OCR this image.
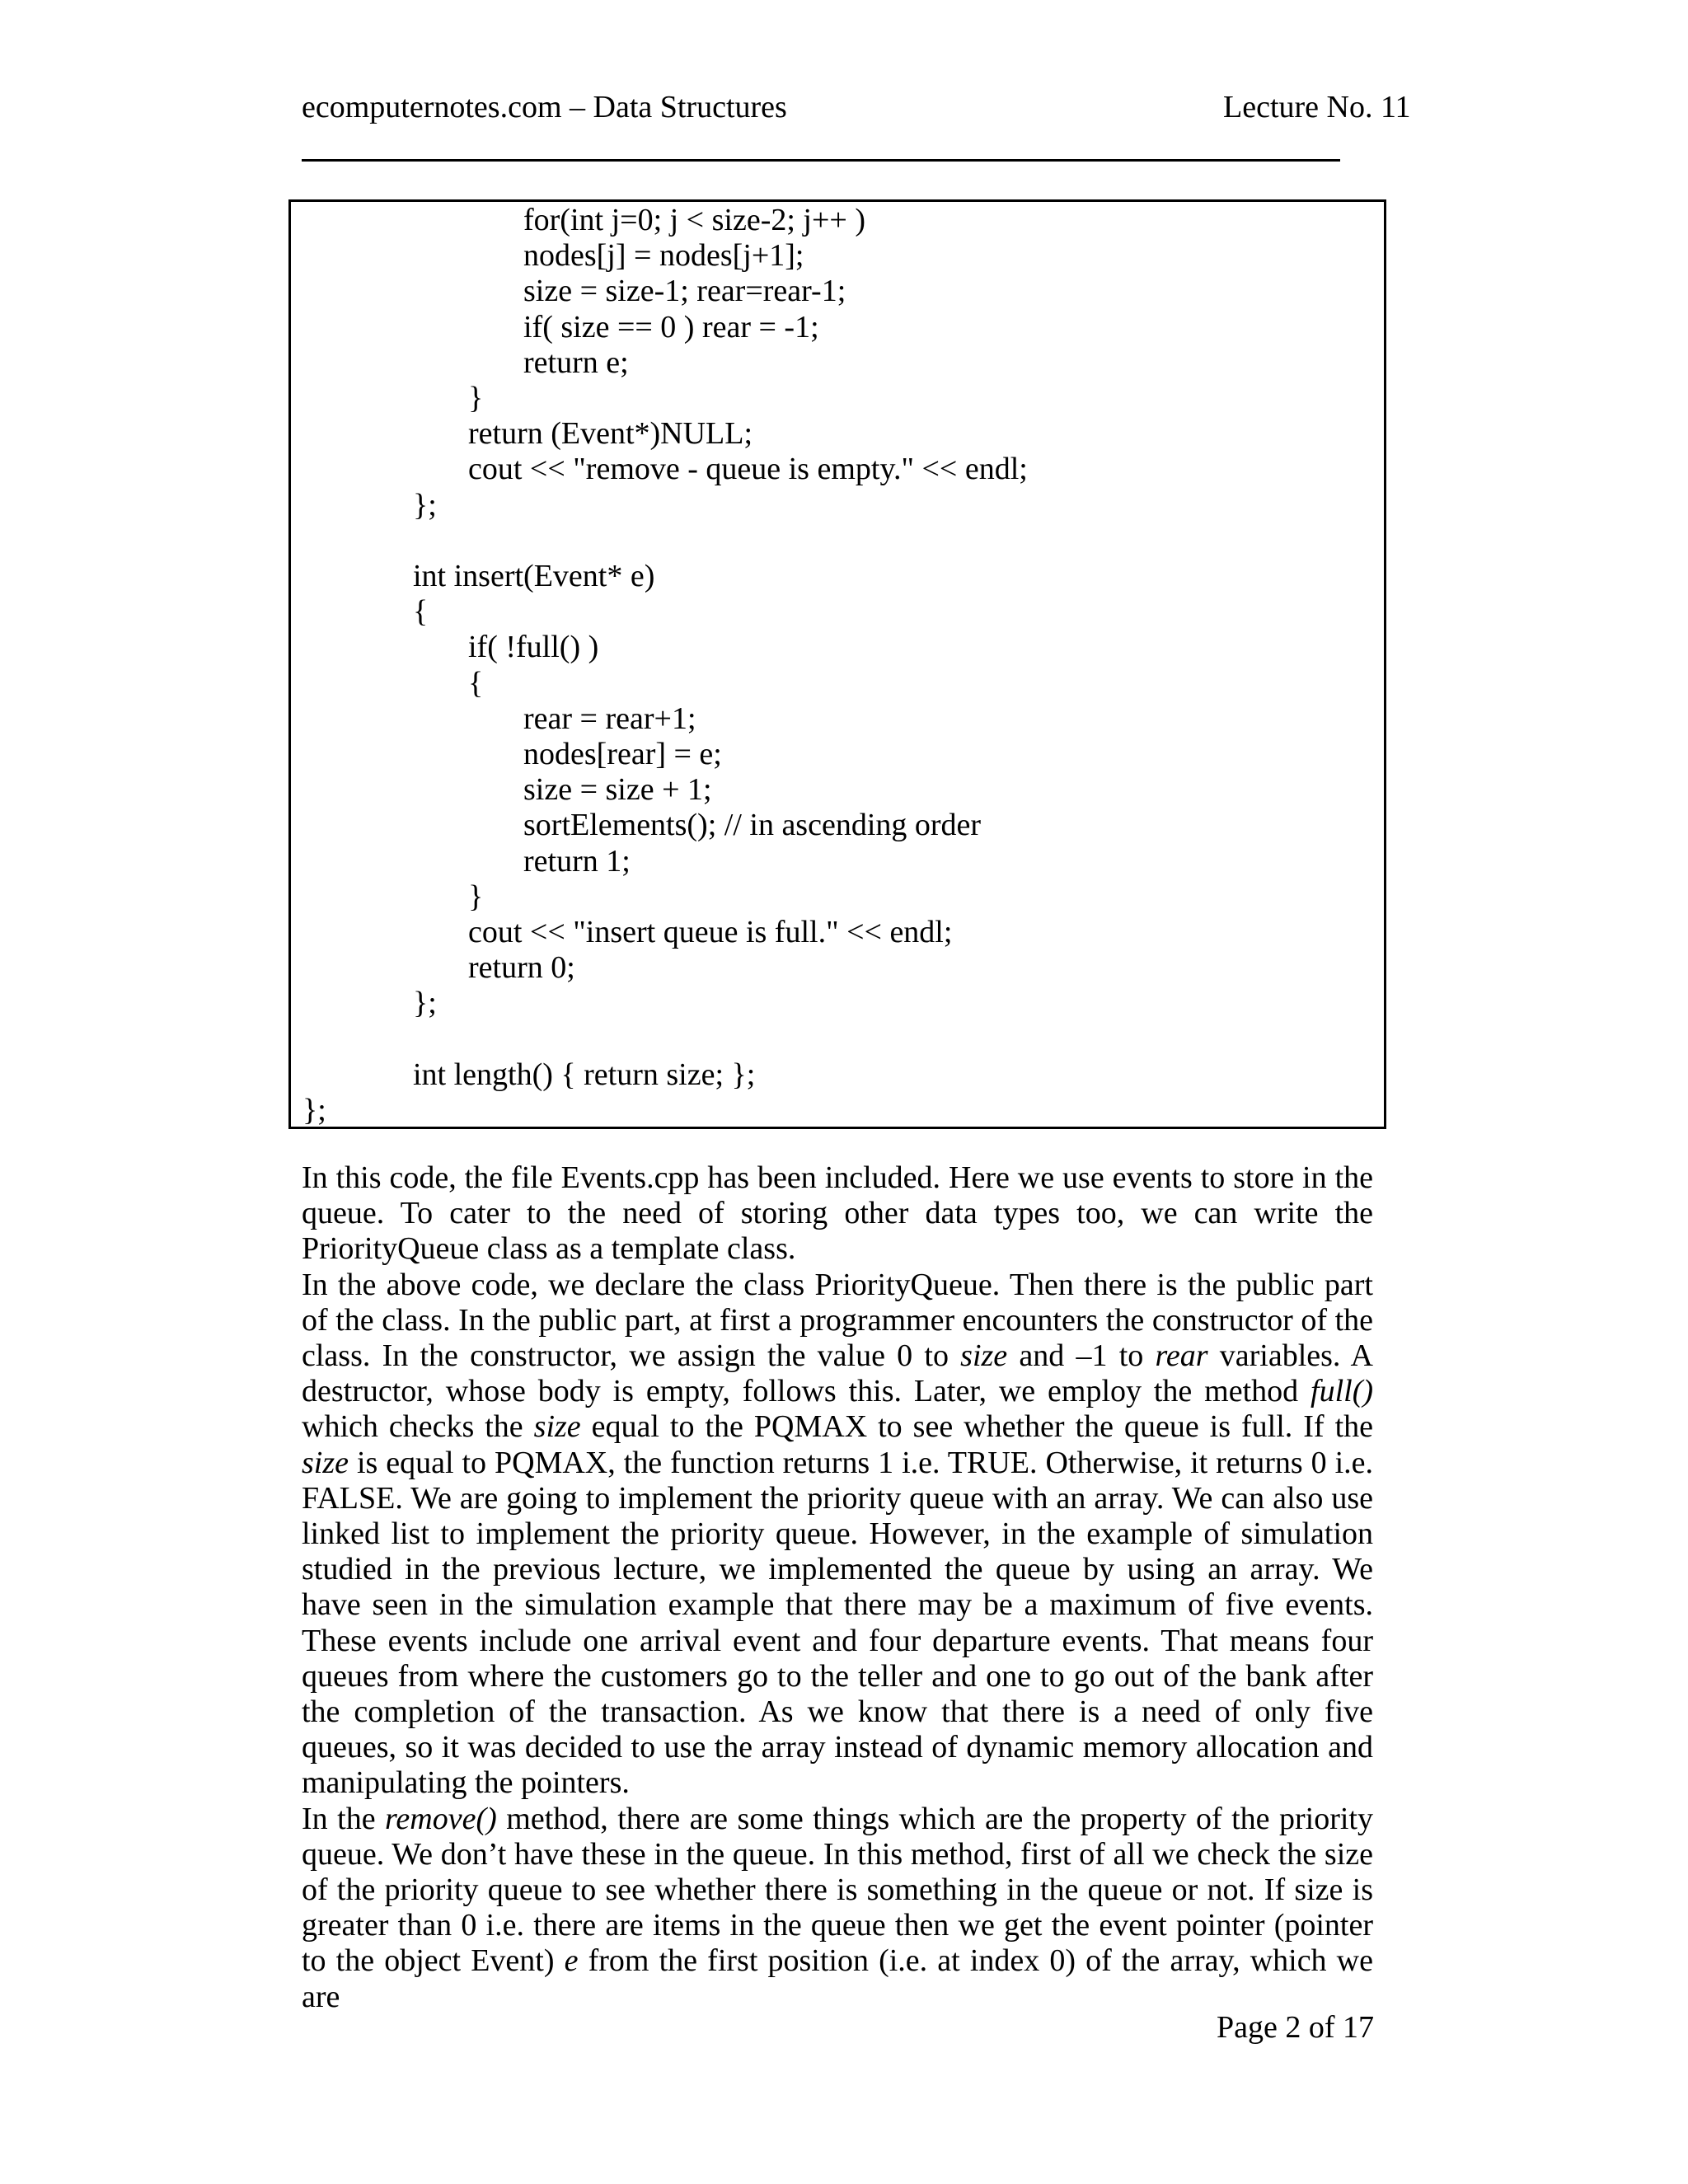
ecomputernotes.com – Data Structures	Lecture No. 11
for(int j=0; j < size-2; j++ )
nodes[j] = nodes[j+1];
size = size-1; rear=rear-1;
if( size == 0 ) rear = -1;
return e;
}
return (Event*)NULL;
cout << "remove - queue is empty." << endl;
};
int insert(Event* e)
{
if( !full() )
{
rear = rear+1;
nodes[rear] = e;
size = size + 1;
sortElements(); // in ascending order
return 1;
}
cout << "insert queue is full." << endl;
return 0;
};
int length() { return size; };
};

In this code, the file Events.cpp has been included. Here we use events to store in the queue. To cater to the need of storing other data types too, we can write the PriorityQueue class as a template class.

In the above code, we declare the class PriorityQueue. Then there is the public part of the class. In the public part, at first a programmer encounters the constructor of the class. In the constructor, we assign the value 0 to size and –1 to rear variables. A destructor, whose body is empty, follows this. Later, we employ the method full() which checks the size equal to the PQMAX to see whether the queue is full. If the size is equal to PQMAX, the function returns 1 i.e. TRUE. Otherwise, it returns 0 i.e. FALSE. We are going to implement the priority queue with an array. We can also use linked list to implement the priority queue. However, in the example of simulation studied in the previous lecture, we implemented the queue by using an array. We have seen in the simulation example that there may be a maximum of five events. These events include one arrival event and four departure events. That means four queues from where the customers go to the teller and one to go out of the bank after the completion of the transaction. As we know that there is a need of only five queues, so it was decided to use the array instead of dynamic memory allocation and manipulating the pointers.

In the remove() method, there are some things which are the property of the priority queue. We don’t have these in the queue. In this method, first of all we check the size of the priority queue to see whether there is something in the queue or not. If size is greater than 0 i.e. there are items in the queue then we get the event pointer (pointer to the object Event) e from the first position (i.e. at index 0) of the array, which we are

Page 2 of 17
